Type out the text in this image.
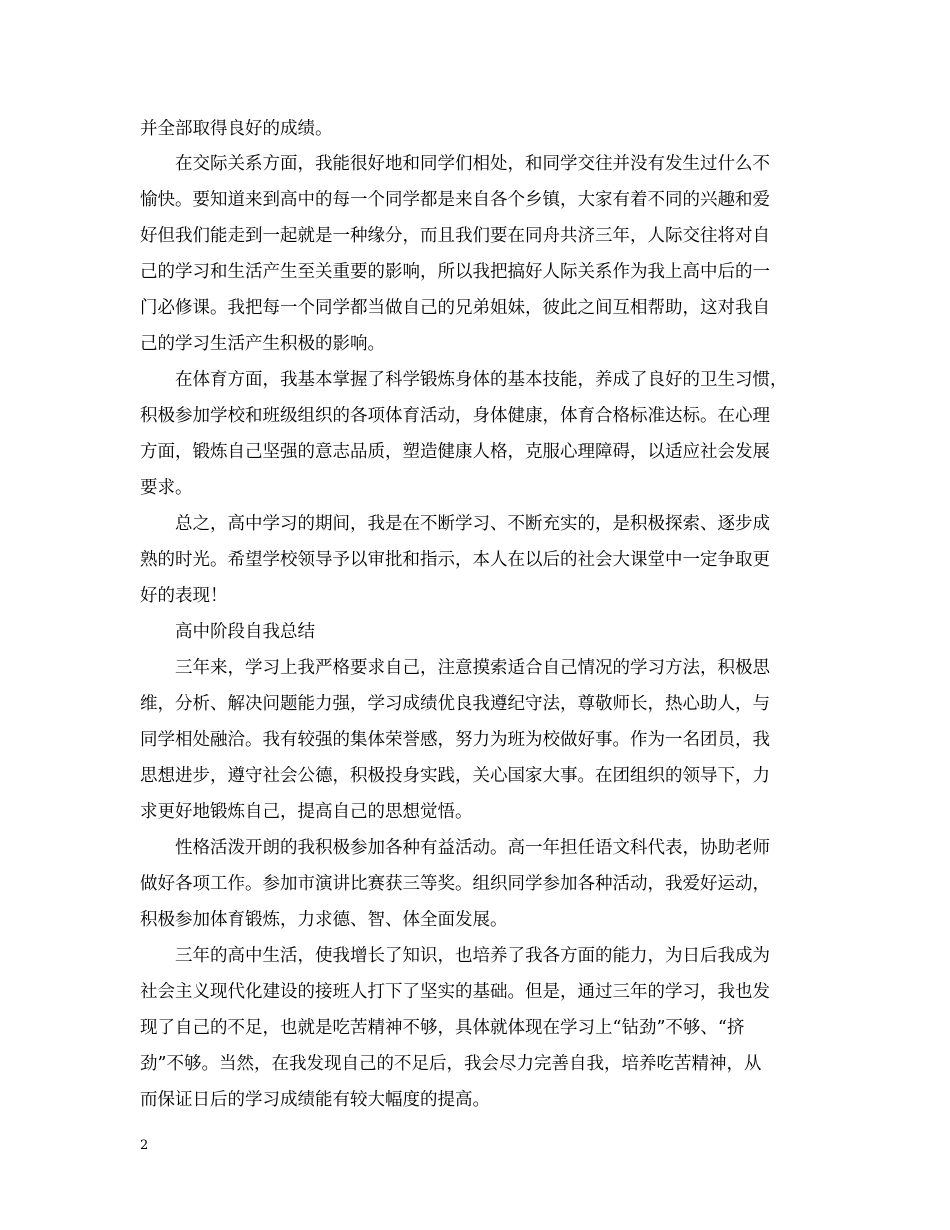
并全部取得良好的成绩。
在交际关系方面，我能很好地和同学们相处，和同学交往并没有发生过什么不
愉快。要知道来到高中的每一个同学都是来自各个乡镇，大家有着不同的兴趣和爱
好但我们能走到一起就是一种缘分，而且我们要在同舟共济三年，人际交往将对自
己的学习和生活产生至关重要的影响，所以我把搞好人际关系作为我上高中后的一
门必修课。我把每一个同学都当做自己的兄弟姐妹，彼此之间互相帮助，这对我自
己的学习生活产生积极的影响。
在体育方面，我基本掌握了科学锻炼身体的基本技能，养成了良好的卫生习惯，
积极参加学校和班级组织的各项体育活动，身体健康，体育合格标准达标。在心理
方面，锻炼自己坚强的意志品质，塑造健康人格，克服心理障碍，以适应社会发展
要求。
总之，高中学习的期间，我是在不断学习、不断充实的，是积极探索、逐步成
熟的时光。希望学校领导予以审批和指示，本人在以后的社会大课堂中一定争取更
好的表现！
高中阶段自我总结
三年来，学习上我严格要求自己，注意摸索适合自己情况的学习方法，积极思
维，分析、解决问题能力强，学习成绩优良我遵纪守法，尊敬师长，热心助人，与
同学相处融洽。我有较强的集体荣誉感，努力为班为校做好事。作为一名团员，我
思想进步，遵守社会公德，积极投身实践，关心国家大事。在团组织的领导下，力
求更好地锻炼自己，提高自己的思想觉悟。
性格活泼开朗的我积极参加各种有益活动。高一年担任语文科代表，协助老师
做好各项工作。参加市演讲比赛获三等奖。组织同学参加各种活动，我爱好运动，
积极参加体育锻炼，力求德、智、体全面发展。
三年的高中生活，使我增长了知识，也培养了我各方面的能力，为日后我成为
社会主义现代化建设的接班人打下了坚实的基础。但是，通过三年的学习，我也发
现了自己的不足，也就是吃苦精神不够，具体就体现在学习上“钻劲”不够、“挤
劲”不够。当然，在我发现自己的不足后，我会尽力完善自我，培养吃苦精神，从
而保证日后的学习成绩能有较大幅度的提高。
2
